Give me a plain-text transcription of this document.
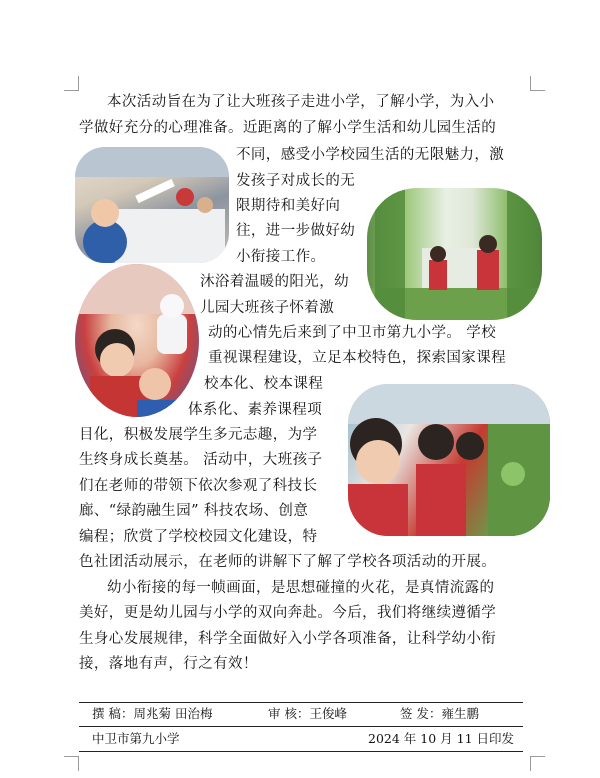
本次活动旨在为了让大班孩子走进小学，了解小学，为入小
学做好充分的心理准备。近距离的了解小学生活和幼儿园生活的
不同，感受小学校园生活的无限魅力，激
发孩子对成长的无
限期待和美好向
往，进一步做好幼
小衔接工作。
沐浴着温暖的阳光，幼
儿园大班孩子怀着激
动的心情先后来到了中卫市第九小学。 学校
重视课程建设，立足本校特色，探索国家课程
校本化、校本课程
体系化、素养课程项
目化，积极发展学生多元志趣，为学
生终身成长奠基。 活动中，大班孩子
们在老师的带领下依次参观了科技长
廊、“绿韵融生园” 科技农场、创意
编程；欣赏了学校校园文化建设，特
色社团活动展示，在老师的讲解下了解了学校各项活动的开展。
幼小衔接的每一帧画面，是思想碰撞的火花，是真情流露的
美好，更是幼儿园与小学的双向奔赴。今后，我们将继续遵循学
生身心发展规律，科学全面做好入小学各项准备，让科学幼小衔
接，落地有声，行之有效！
撰 稿：周兆菊 田治梅	审 核：王俊峰	签 发：雍生鹏
中卫市第九小学	2024 年 10 月 11 日印发
